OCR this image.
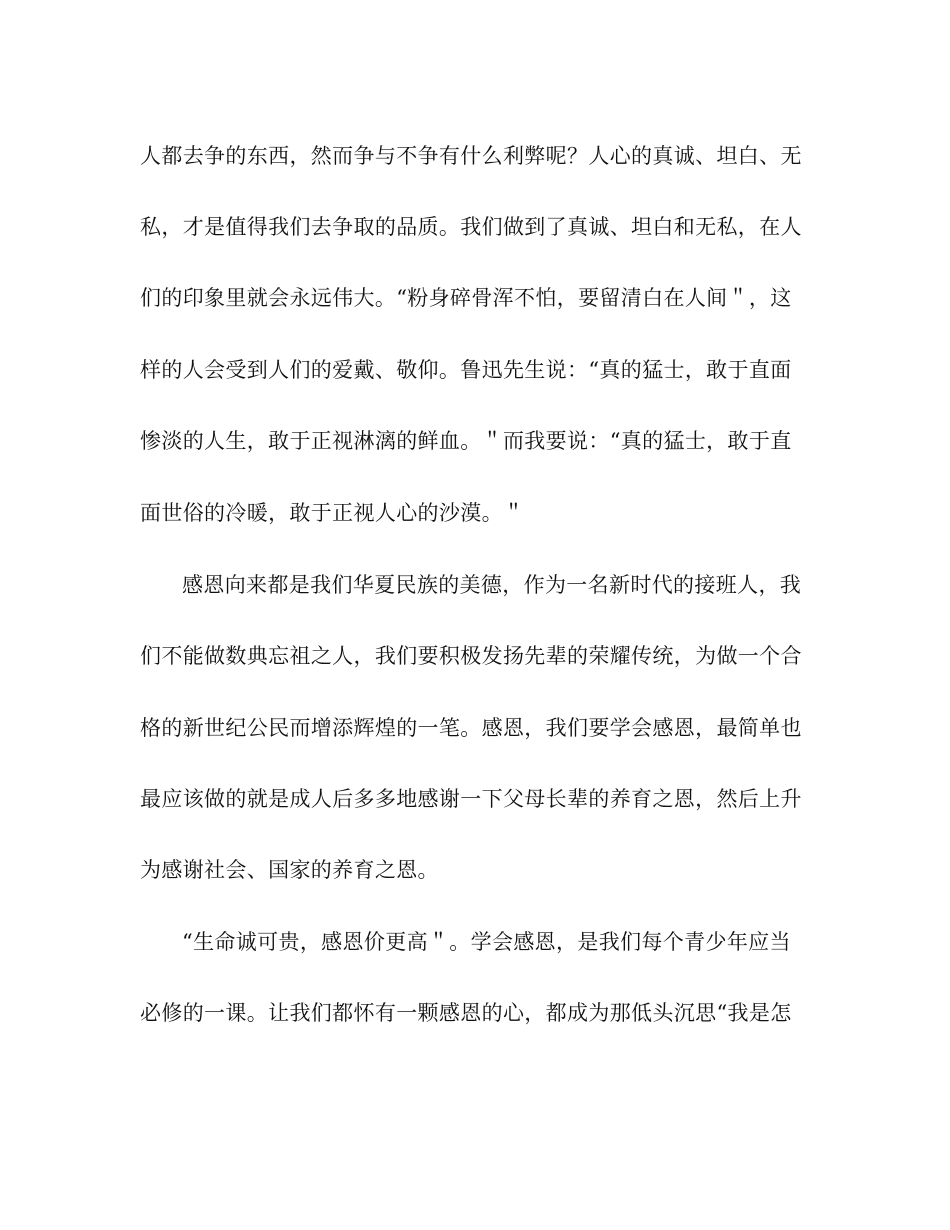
人都去争的东西，然而争与不争有什么利弊呢？人心的真诚、坦白、无
私，才是值得我们去争取的品质。我们做到了真诚、坦白和无私，在人
们的印象里就会永远伟大。“粉身碎骨浑不怕，要留清白在人间＂，这
样的人会受到人们的爱戴、敬仰。鲁迅先生说：“真的猛士，敢于直面
惨淡的人生，敢于正视淋漓的鲜血。＂而我要说：“真的猛士，敢于直
面世俗的冷暖，敢于正视人心的沙漠。＂
感恩向来都是我们华夏民族的美德，作为一名新时代的接班人，我
们不能做数典忘祖之人，我们要积极发扬先辈的荣耀传统，为做一个合
格的新世纪公民而增添辉煌的一笔。感恩，我们要学会感恩，最简单也
最应该做的就是成人后多多地感谢一下父母长辈的养育之恩，然后上升
为感谢社会、国家的养育之恩。
“生命诚可贵，感恩价更高＂。学会感恩，是我们每个青少年应当
必修的一课。让我们都怀有一颗感恩的心，都成为那低头沉思“我是怎
